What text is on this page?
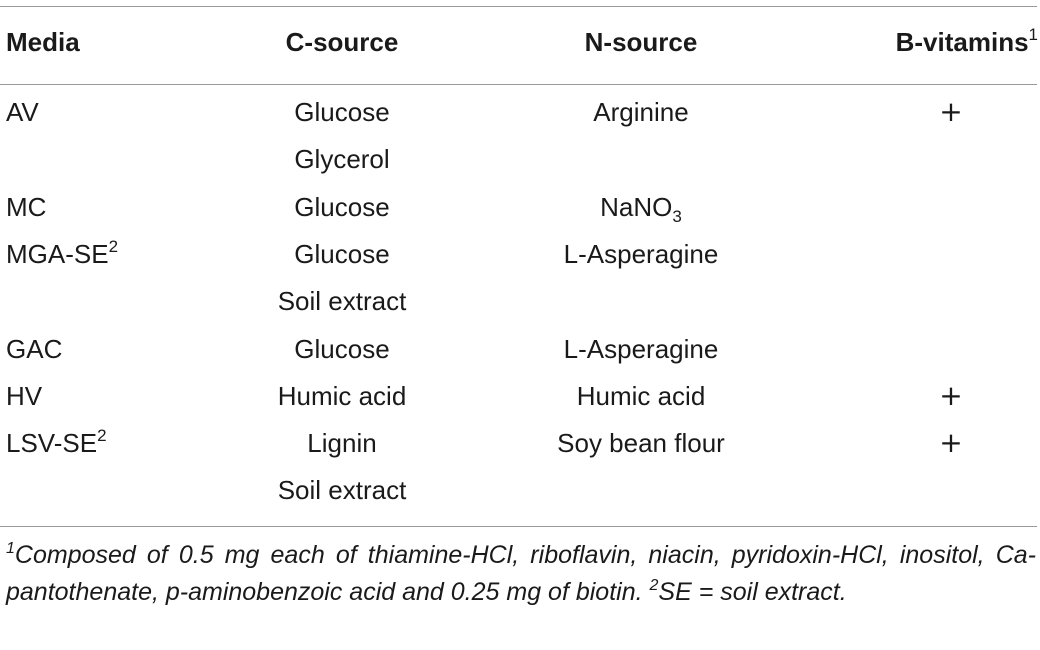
Media	C-source	N-source	B-vitamins$^1$
AV	Glucose	Arginine	+
Glycerol
MC	Glucose	NaNO$_3$
MGA-$SE^2$	Glucose	L-Asperagine
Soil extract
GAC	Glucose	L-Asperagine
HV	Humic acid	Humic acid	+
LSV-$SE^2$	Lignin	Soy bean flour	+
Soil extract
$^1$Composed of 0.5 mg each of thiamine-HCl, riboflavin, niacin, pyridoxin-HCl, inositol, Ca-pantothenate, p-aminobenzoic acid and 0.25 mg of biotin. $^2$SE = soil extract.
